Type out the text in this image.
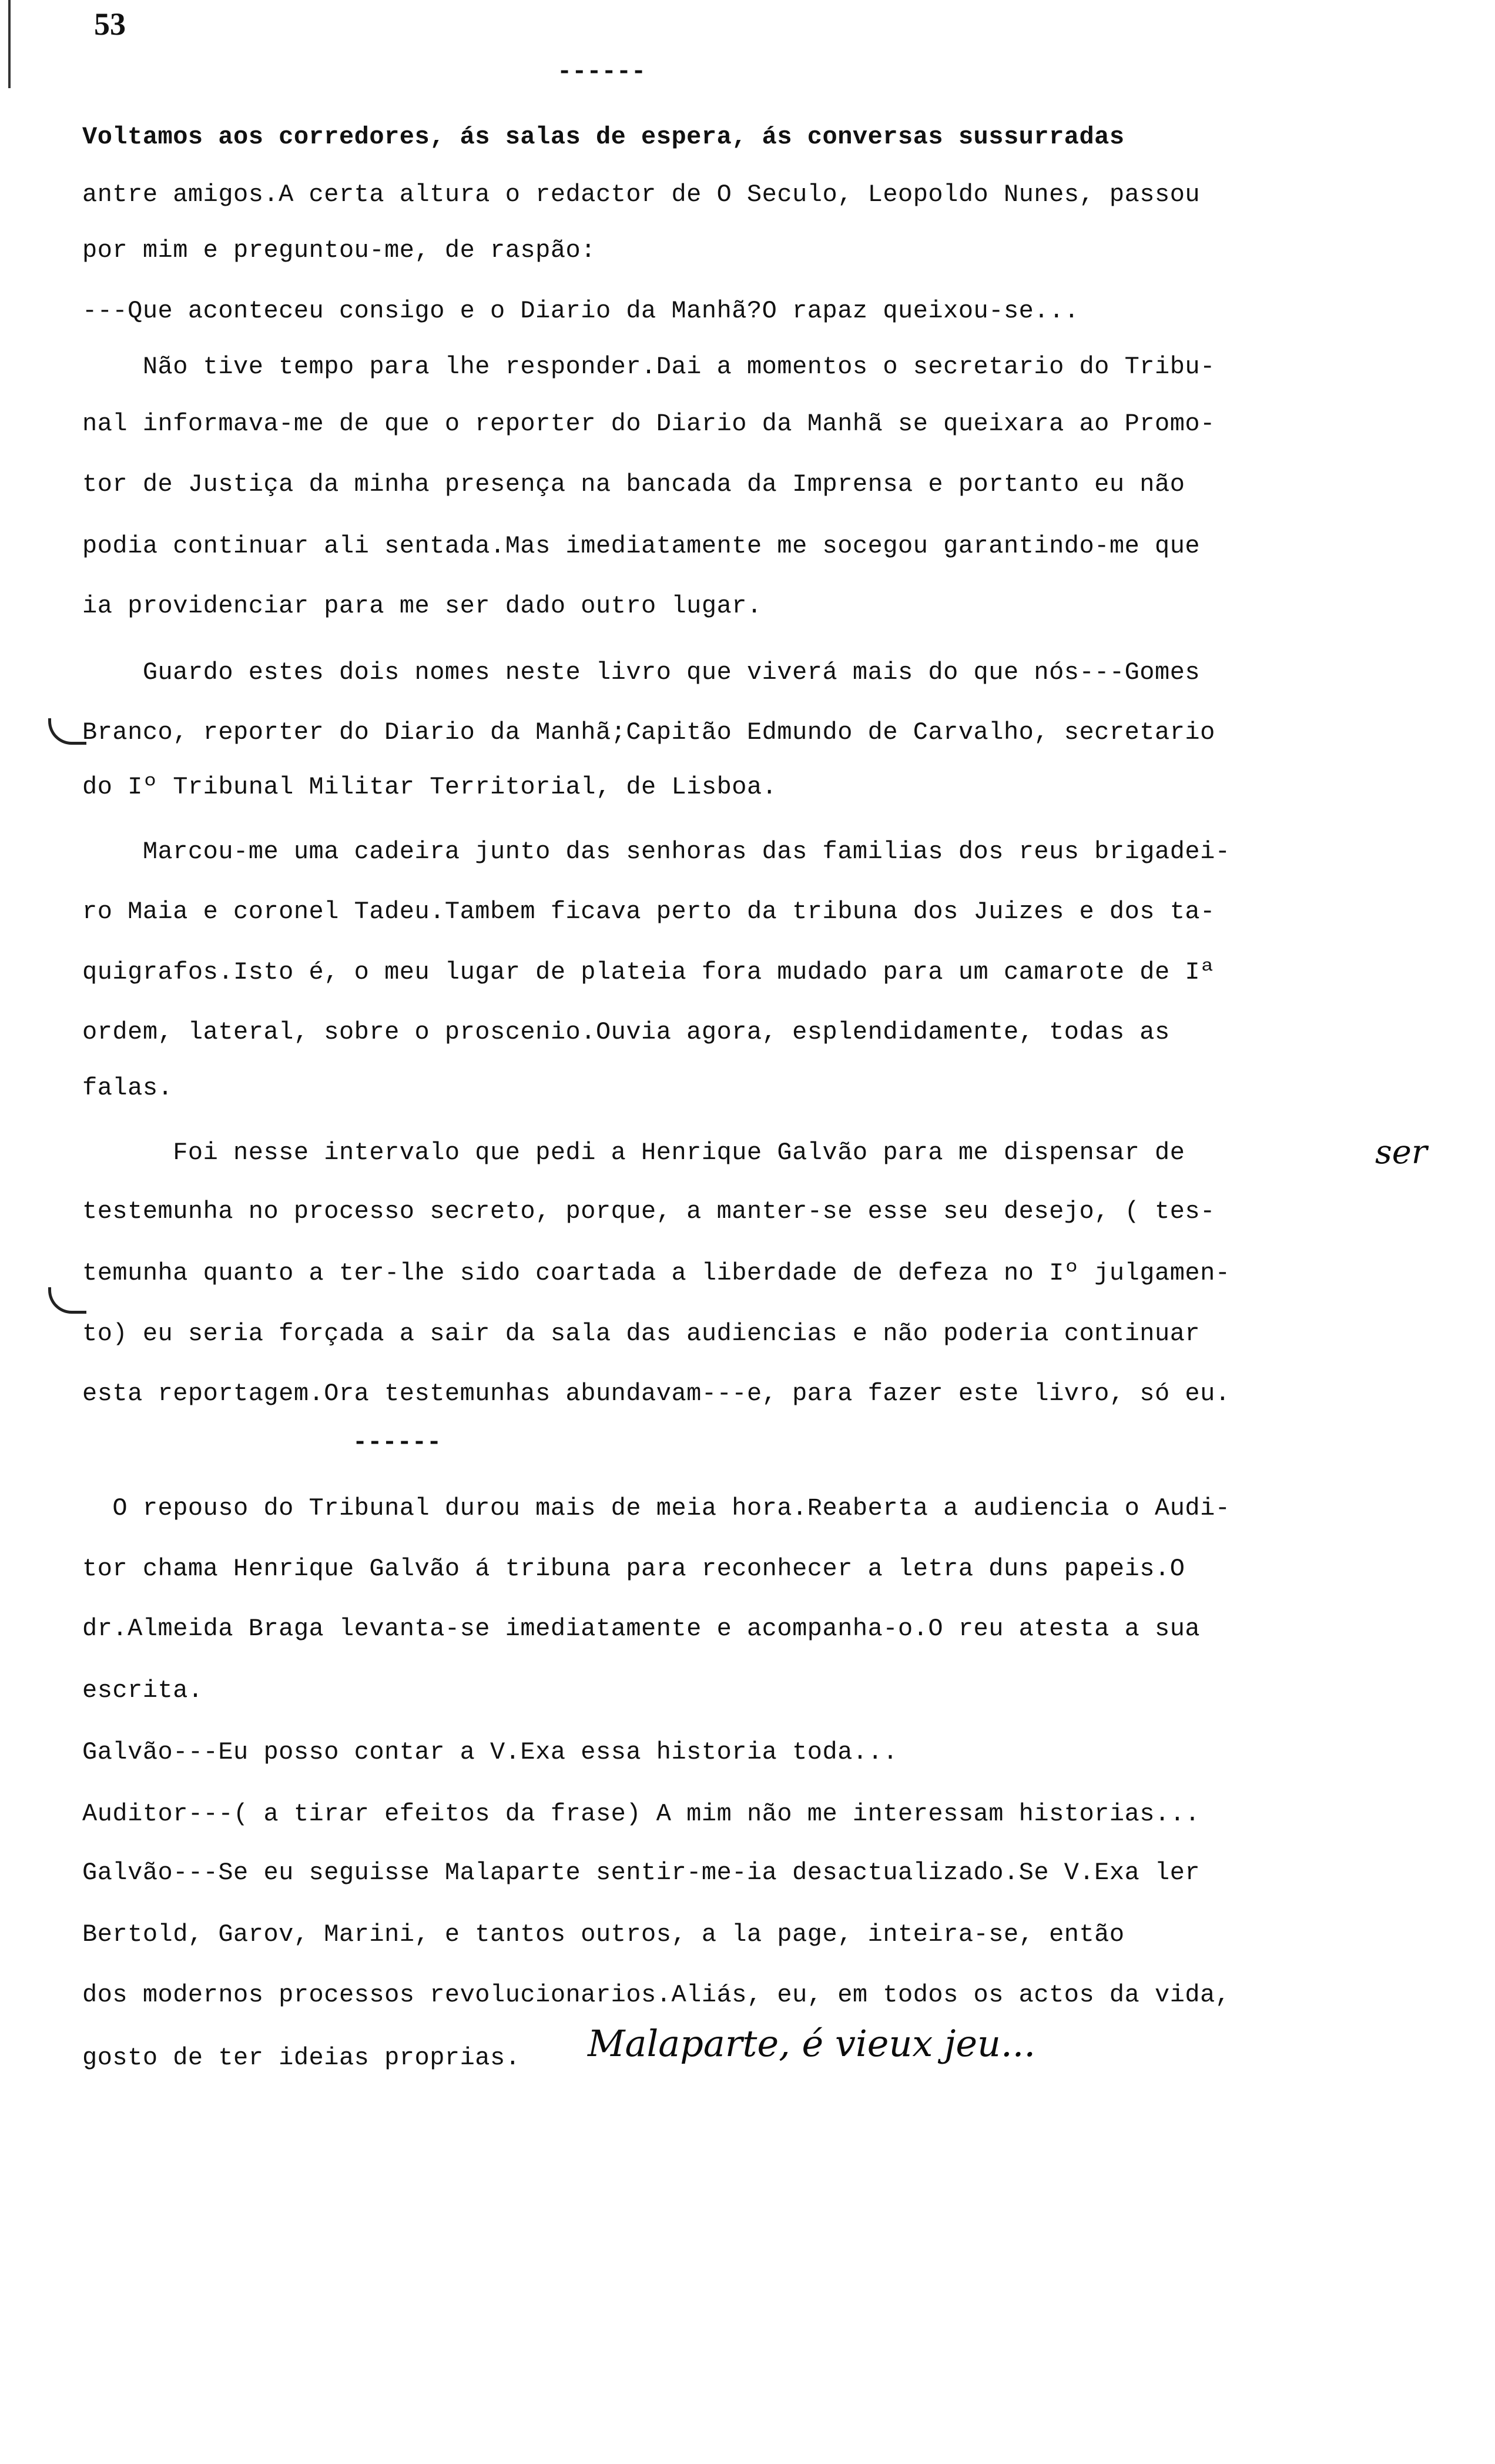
53
------
Voltamos aos corredores, ás salas de espera, ás conversas sussurradas
antre amigos.A certa altura o redactor de O Seculo, Leopoldo Nunes, passou
por mim e preguntou-me, de raspão:
---Que aconteceu consigo e o Diario da Manhã?O rapaz queixou-se...
Não tive tempo para lhe responder.Dai a momentos o secretario do Tribu-
nal informava-me de que o reporter do Diario da Manhã se queixara ao Promo-
tor de Justiça da minha presença na bancada da Imprensa e portanto eu não
podia continuar ali sentada.Mas imediatamente me socegou garantindo-me que
ia providenciar para me ser dado outro lugar.
Guardo estes dois nomes neste livro que viverá mais do que nós---Gomes
Branco, reporter do Diario da Manhã;Capitão Edmundo de Carvalho, secretario
do Iº Tribunal Militar Territorial, de Lisboa.
Marcou-me uma cadeira junto das senhoras das familias dos reus brigadei-
ro Maia e coronel Tadeu.Tambem ficava perto da tribuna dos Juizes e dos ta-
quigrafos.Isto é, o meu lugar de plateia fora mudado para um camarote de Iª
ordem, lateral, sobre o proscenio.Ouvia agora, esplendidamente, todas as
falas.
Foi nesse intervalo que pedi a Henrique Galvão para me dispensar de	ser
testemunha no processo secreto, porque, a manter-se esse seu desejo, ( tes-
temunha quanto a ter-lhe sido coartada a liberdade de defeza no Iº julgamen-
to) eu seria forçada a sair da sala das audiencias e não poderia continuar
esta reportagem.Ora testemunhas abundavam---e, para fazer este livro, só eu.
------
O repouso do Tribunal durou mais de meia hora.Reaberta a audiencia o Audi-
tor chama Henrique Galvão á tribuna para reconhecer a letra duns papeis.O
dr.Almeida Braga levanta-se imediatamente e acompanha-o.O reu atesta a sua
escrita.
Galvão---Eu posso contar a V.Exa essa historia toda...
Auditor---( a tirar efeitos da frase) A mim não me interessam historias...
Galvão---Se eu seguisse Malaparte sentir-me-ia desactualizado.Se V.Exa ler
Bertold, Garov, Marini, e tantos outros, a la page, inteira-se, então
dos modernos processos revolucionarios.Aliás, eu, em todos os actos da vida,
gosto de ter ideias proprias. Malaparte, é vieux jeu...
